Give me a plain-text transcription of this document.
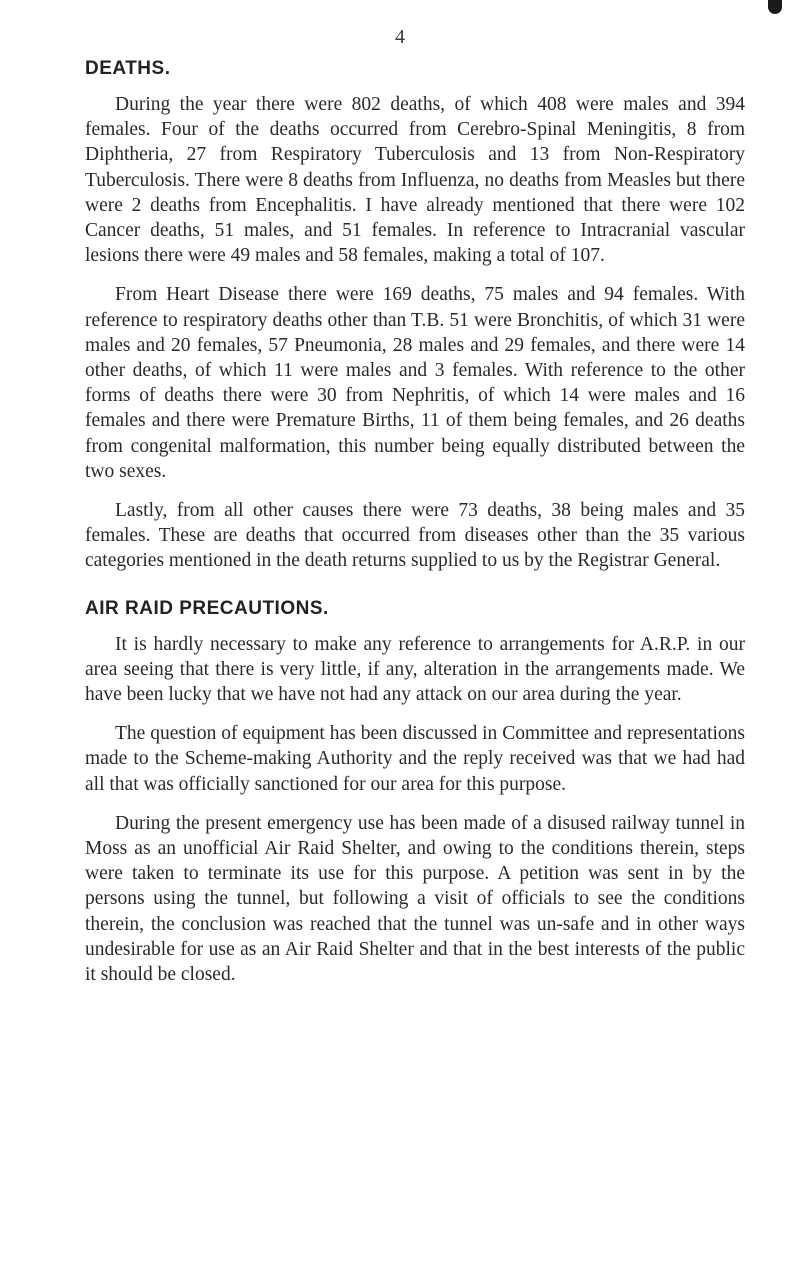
4
DEATHS.

During the year there were 802 deaths, of which 408 were males and 394 females. Four of the deaths occurred from Cerebro-Spinal Meningitis, 8 from Diphtheria, 27 from Respiratory Tuberculosis and 13 from Non-Respiratory Tuberculosis. There were 8 deaths from Influenza, no deaths from Measles but there were 2 deaths from Encephalitis. I have already mentioned that there were 102 Cancer deaths, 51 males, and 51 females. In reference to Intracranial vascular lesions there were 49 males and 58 females, making a total of 107.

From Heart Disease there were 169 deaths, 75 males and 94 females. With reference to respiratory deaths other than T.B. 51 were Bronchitis, of which 31 were males and 20 females, 57 Pneumonia, 28 males and 29 females, and there were 14 other deaths, of which 11 were males and 3 females. With reference to the other forms of deaths there were 30 from Nephritis, of which 14 were males and 16 females and there were Premature Births, 11 of them being females, and 26 deaths from congenital malformation, this number being equally distributed between the two sexes.

Lastly, from all other causes there were 73 deaths, 38 being males and 35 females. These are deaths that occurred from diseases other than the 35 various categories mentioned in the death returns supplied to us by the Registrar General.

AIR RAID PRECAUTIONS.

It is hardly necessary to make any reference to arrangements for A.R.P. in our area seeing that there is very little, if any, alteration in the arrangements made. We have been lucky that we have not had any attack on our area during the year.

The question of equipment has been discussed in Committee and representations made to the Scheme-making Authority and the reply received was that we had had all that was officially sanctioned for our area for this purpose.

During the present emergency use has been made of a disused railway tunnel in Moss as an unofficial Air Raid Shelter, and owing to the conditions therein, steps were taken to terminate its use for this purpose. A petition was sent in by the persons using the tunnel, but following a visit of officials to see the conditions therein, the conclusion was reached that the tunnel was un-safe and in other ways undesirable for use as an Air Raid Shelter and that in the best interests of the public it should be closed.
